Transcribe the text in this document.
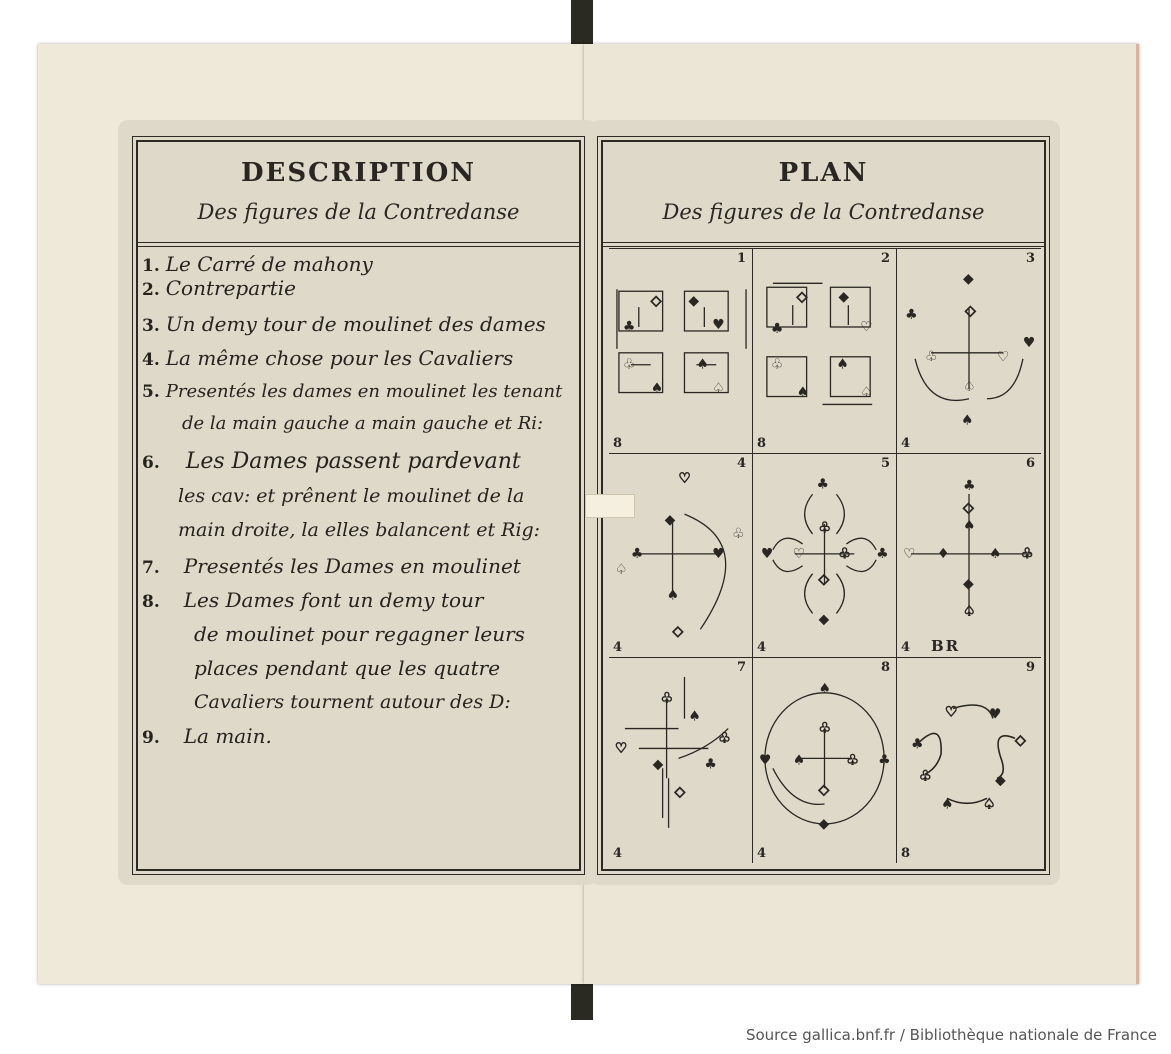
DESCRIPTION
Des figures de la Contredanse
1. Le Carré de mahony
2. Contrepartie
3. Un demy tour de moulinet des dames
4. La même chose pour les Cavaliers
5. Presentés les dames en moulinet les tenant
de la main gauche a main gauche et Ri:
6. Les Dames passent pardevant
les cav: et prênent le moulinet de la
main droite, la elles balancent et Rig:
7. Presentés les Dames en moulinet
8. Les Dames font un demy tour
de moulinet pour regagner leurs
places pendant que les quatre
Cavaliers tournent autour des D:
9. La main.
PLAN
Des figures de la Contredanse
♣
◇ ◆
♥
♧
♠
♠
♤
1
8
♣
◇ ◆
♡
♧
♠
♠
♤
2
8
◆
♣	◇
♧	♡
♥
♤
♠
3
4
♡
◆
♣	♥
♧
♤
♠
◇
4
4
♣
♧
♥ ♡ ♧ ♣
◇
◆
5
4
♣
◇
♠
♡ ♦	♠ ♧
◆
♤
6
4 BR
♧
♠
♡
♧
◆	♣
◇
7
4
♠
♧
♥ ♠	♧ ♣
◇
◆
8
4
♡ ♥
♣
♧
◇
◆
♠ ♤
9
8
Source gallica.bnf.fr / Bibliothèque nationale de France
